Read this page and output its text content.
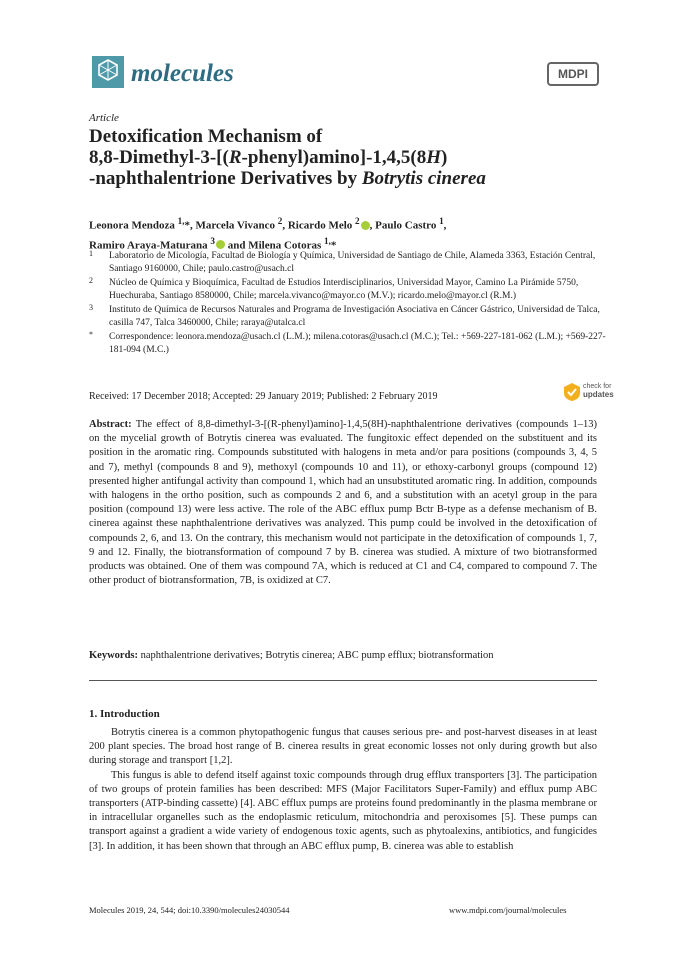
molecules	MDPI
Article
Detoxification Mechanism of
8,8-Dimethyl-3-[(R-phenyl)amino]-1,4,5(8H)
-naphthalentrione Derivatives by Botrytis cinerea
Leonora Mendoza $^{1,}$*, Marcela Vivanco $^2$, Ricardo Melo $^2$ , Paulo Castro $^1$,
Ramiro Araya-Maturana $^3$ and Milena Cotoras $^{1,}$*
1 Laboratorio de Micología, Facultad de Biología y Química, Universidad de Santiago de Chile, Alameda 3363, Estación Central, Santiago 9160000, Chile; paulo.castro@usach.cl
2 Núcleo de Química y Bioquímica, Facultad de Estudios Interdisciplinarios, Universidad Mayor, Camino La Pirámide 5750, Huechuraba, Santiago 8580000, Chile; marcela.vivanco@mayor.co (M.V.); ricardo.melo@mayor.cl (R.M.)
3 Instituto de Química de Recursos Naturales and Programa de Investigación Asociativa en Cáncer Gástrico, Universidad de Talca, casilla 747, Talca 3460000, Chile; raraya@utalca.cl
* Correspondence: leonora.mendoza@usach.cl (L.M.); milena.cotoras@usach.cl (M.C.); Tel.: +569-227-181-062 (L.M.); +569-227-181-094 (M.C.)
Received: 17 December 2018; Accepted: 29 January 2019; Published: 2 February 2019
check for
updates
Abstract: The effect of 8,8-dimethyl-3-[(R-phenyl)amino]-1,4,5(8H)-naphthalentrione derivatives (compounds 1–13) on the mycelial growth of Botrytis cinerea was evaluated. The fungitoxic effect depended on the substituent and its position in the aromatic ring. Compounds substituted with halogens in meta and/or para positions (compounds 3, 4, 5 and 7), methyl (compounds 8 and 9), methoxyl (compounds 10 and 11), or ethoxy-carbonyl groups (compound 12) presented higher antifungal activity than compound 1, which had an unsubstituted aromatic ring. In addition, compounds with halogens in the ortho position, such as compounds 2 and 6, and a substitution with an acetyl group in the para position (compound 13) were less active. The role of the ABC efflux pump Bctr B-type as a defense mechanism of B. cinerea against these naphthalentrione derivatives was analyzed. This pump could be involved in the detoxification of compounds 2, 6, and 13. On the contrary, this mechanism would not participate in the detoxification of compounds 1, 7, 9 and 12. Finally, the biotransformation of compound 7 by B. cinerea was studied. A mixture of two biotransformed products was obtained. One of them was compound 7A, which is reduced at C1 and C4, compared to compound 7. The other product of biotransformation, 7B, is oxidized at C7.
Keywords: naphthalentrione derivatives; Botrytis cinerea; ABC pump efflux; biotransformation
1. Introduction

Botrytis cinerea is a common phytopathogenic fungus that causes serious pre- and post-harvest diseases in at least 200 plant species. The broad host range of B. cinerea results in great economic losses not only during growth but also during storage and transport [1,2].

This fungus is able to defend itself against toxic compounds through drug efflux transporters [3]. The participation of two groups of protein families has been described: MFS (Major Facilitators Super-Family) and efflux pump ABC transporters (ATP-binding cassette) [4]. ABC efflux pumps are proteins found predominantly in the plasma membrane or in intracellular organelles such as the endoplasmic reticulum, mitochondria and peroxisomes [5]. These pumps can transport against a gradient a wide variety of endogenous toxic agents, such as phytoalexins, antibiotics, and fungicides [3]. In addition, it has been shown that through an ABC efflux pump, B. cinerea was able to establish

Molecules 2019, 24, 544; doi:10.3390/molecules24030544	www.mdpi.com/journal/molecules
